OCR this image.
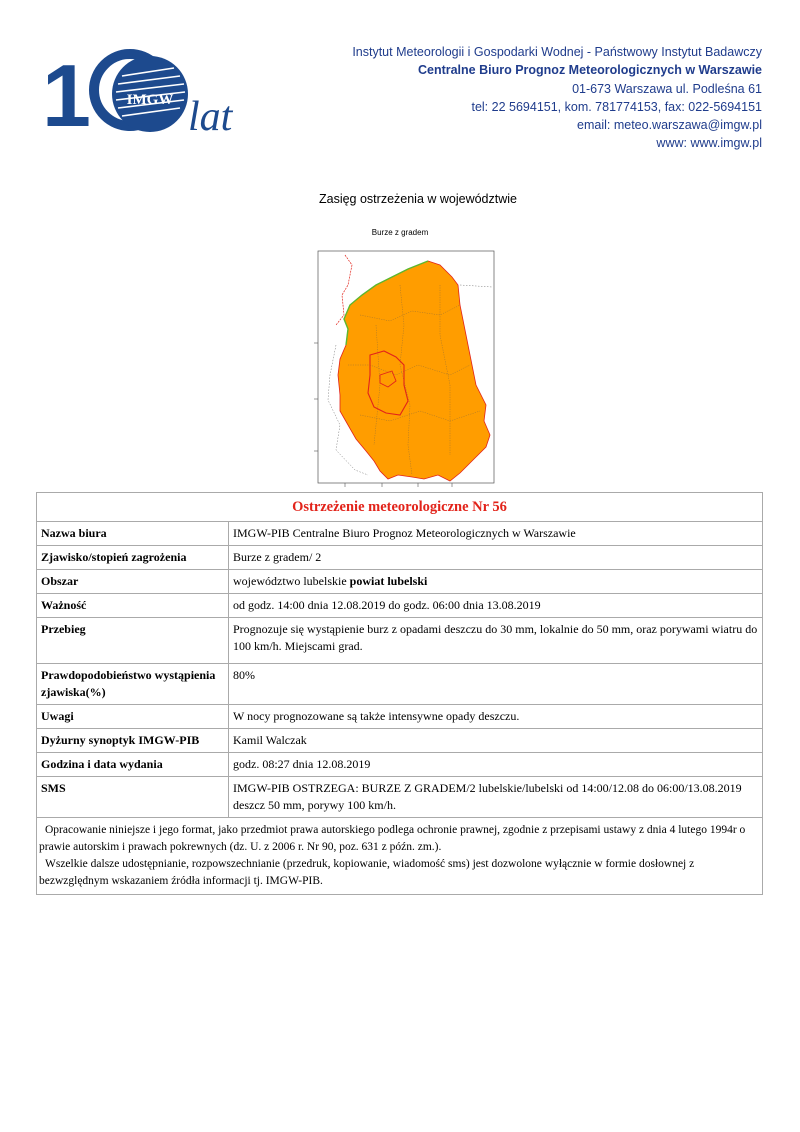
1 IMGW lat
Instytut Meteorologii i Gospodarki Wodnej - Państwowy Instytut Badawczy
Centralne Biuro Prognoz Meteorologicznych w Warszawie
01-673 Warszawa ul. Podleśna 61
tel: 22 5694151, kom. 781774153, fax: 022-5694151
email: meteo.warszawa@imgw.pl
www: www.imgw.pl
Zasięg ostrzeżenia w województwie
Burze z gradem
Ostrzeżenie meteorologiczne Nr 56	
Nazwa biura	IMGW-PIB Centralne Biuro Prognoz Meteorologicznych w Warszawie
Zjawisko/stopień zagrożenia	Burze z gradem/ 2
Obszar	województwo lubelskie powiat lubelski
Ważność	od godz. 14:00 dnia 12.08.2019 do godz. 06:00 dnia 13.08.2019
Przebieg	Prognozuje się wystąpienie burz z opadami deszczu do 30 mm, lokalnie do 50 mm, oraz porywami wiatru do 100 km/h. Miejscami grad.
Prawdopodobieństwo wystąpienia zjawiska(%)	80%
Uwagi	W nocy prognozowane są także intensywne opady deszczu.
Dyżurny synoptyk IMGW-PIB	Kamil Walczak
Godzina i data wydania	godz. 08:27 dnia 12.08.2019
SMS	IMGW-PIB OSTRZEGA: BURZE Z GRADEM/2 lubelskie/lubelski od 14:00/12.08 do 06:00/13.08.2019 deszcz 50 mm, porywy 100 km/h.

Opracowanie niniejsze i jego format, jako przedmiot prawa autorskiego podlega ochronie prawnej, zgodnie z przepisami ustawy z dnia 4 lutego 1994r o prawie autorskim i prawach pokrewnych (dz. U. z 2006 r. Nr 90, poz. 631 z późn. zm.).
Wszelkie dalsze udostępnianie, rozpowszechnianie (przedruk, kopiowanie, wiadomość sms) jest dozwolone wyłącznie w formie dosłownej z bezwzględnym wskazaniem źródła informacji tj. IMGW-PIB.	
